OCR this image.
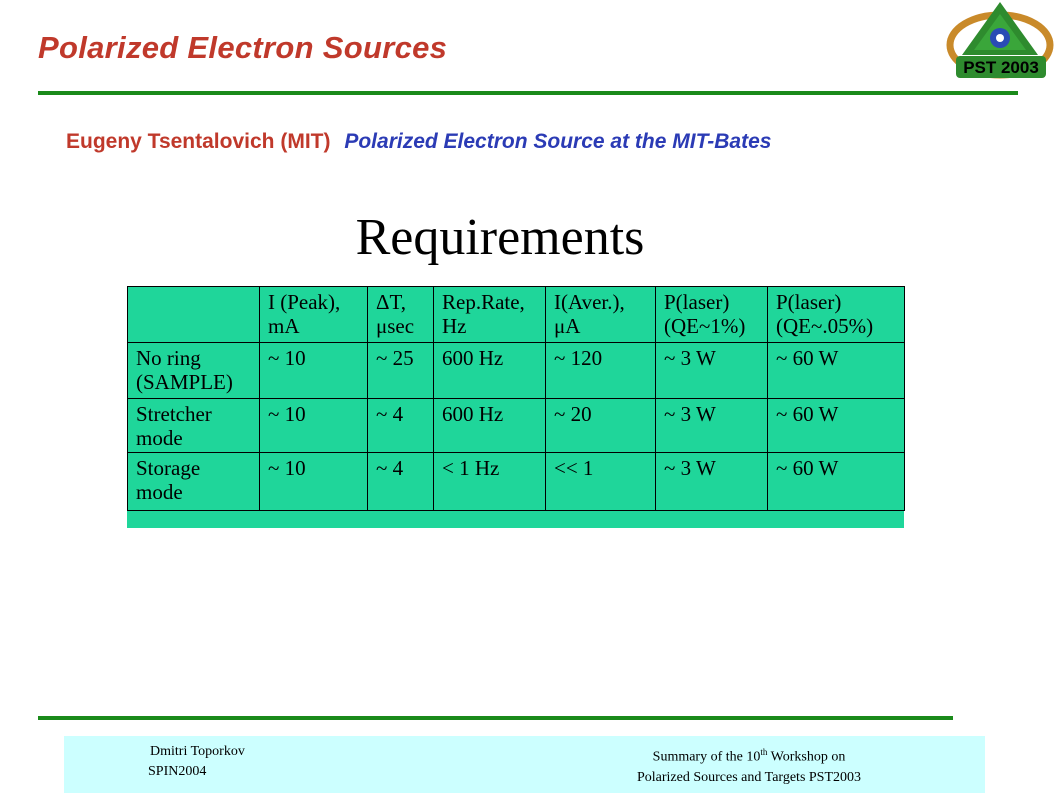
Polarized Electron Sources
PST 2003
Eugeny Tsentalovich (MIT) Polarized Electron Source at the MIT-Bates
Requirements
	I (Peak), mA	ΔT, μsec	Rep.Rate, Hz	I(Aver.), μA	P(laser) (QE~1%)	P(laser) (QE~.05%)
No ring (SAMPLE)	~ 10	~ 25	600 Hz	~ 120	~ 3 W	~ 60 W
Stretcher mode	~ 10	~ 4	600 Hz	~ 20	~ 3 W	~ 60 W
Storage mode	~ 10	~ 4	< 1 Hz	<< 1	~ 3 W	~ 60 W
Dmitri Toporkov
SPIN2004
Summary of the 10th Workshop on
Polarized Sources and Targets PST2003
